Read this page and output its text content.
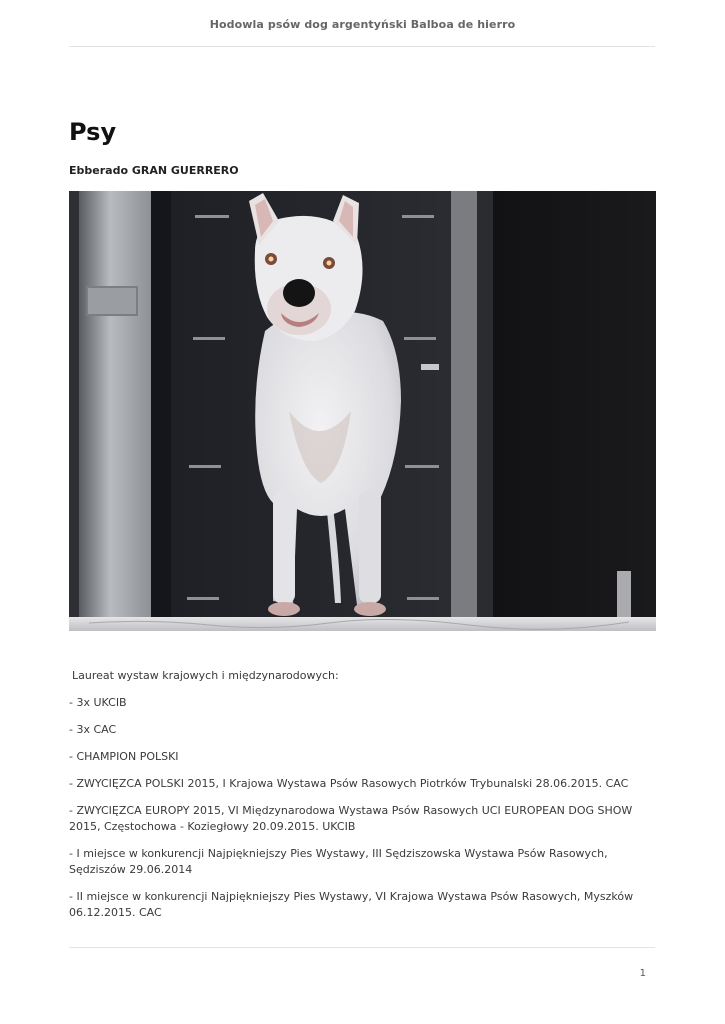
Hodowla psów dog argentyński Balboa de hierro
Psy

Ebberado GRAN GUERRERO

Laureat wystaw krajowych i międzynarodowych:

- 3x UKCIB

- 3x CAC

- CHAMPION POLSKI

- ZWYCIĘZCA POLSKI 2015, I Krajowa Wystawa Psów Rasowych Piotrków Trybunalski 28.06.2015. CAC

- ZWYCIĘZCA EUROPY 2015, VI Międzynarodowa Wystawa Psów Rasowych UCI EUROPEAN DOG SHOW 2015, Częstochowa - Koziegłowy 20.09.2015. UKCIB

- I miejsce w konkurencji Najpiękniejszy Pies Wystawy, III Sędziszowska Wystawa Psów Rasowych, Sędziszów 29.06.2014

- II miejsce w konkurencji Najpiękniejszy Pies Wystawy, VI Krajowa Wystawa Psów Rasowych, Myszków 06.12.2015. CAC

1
